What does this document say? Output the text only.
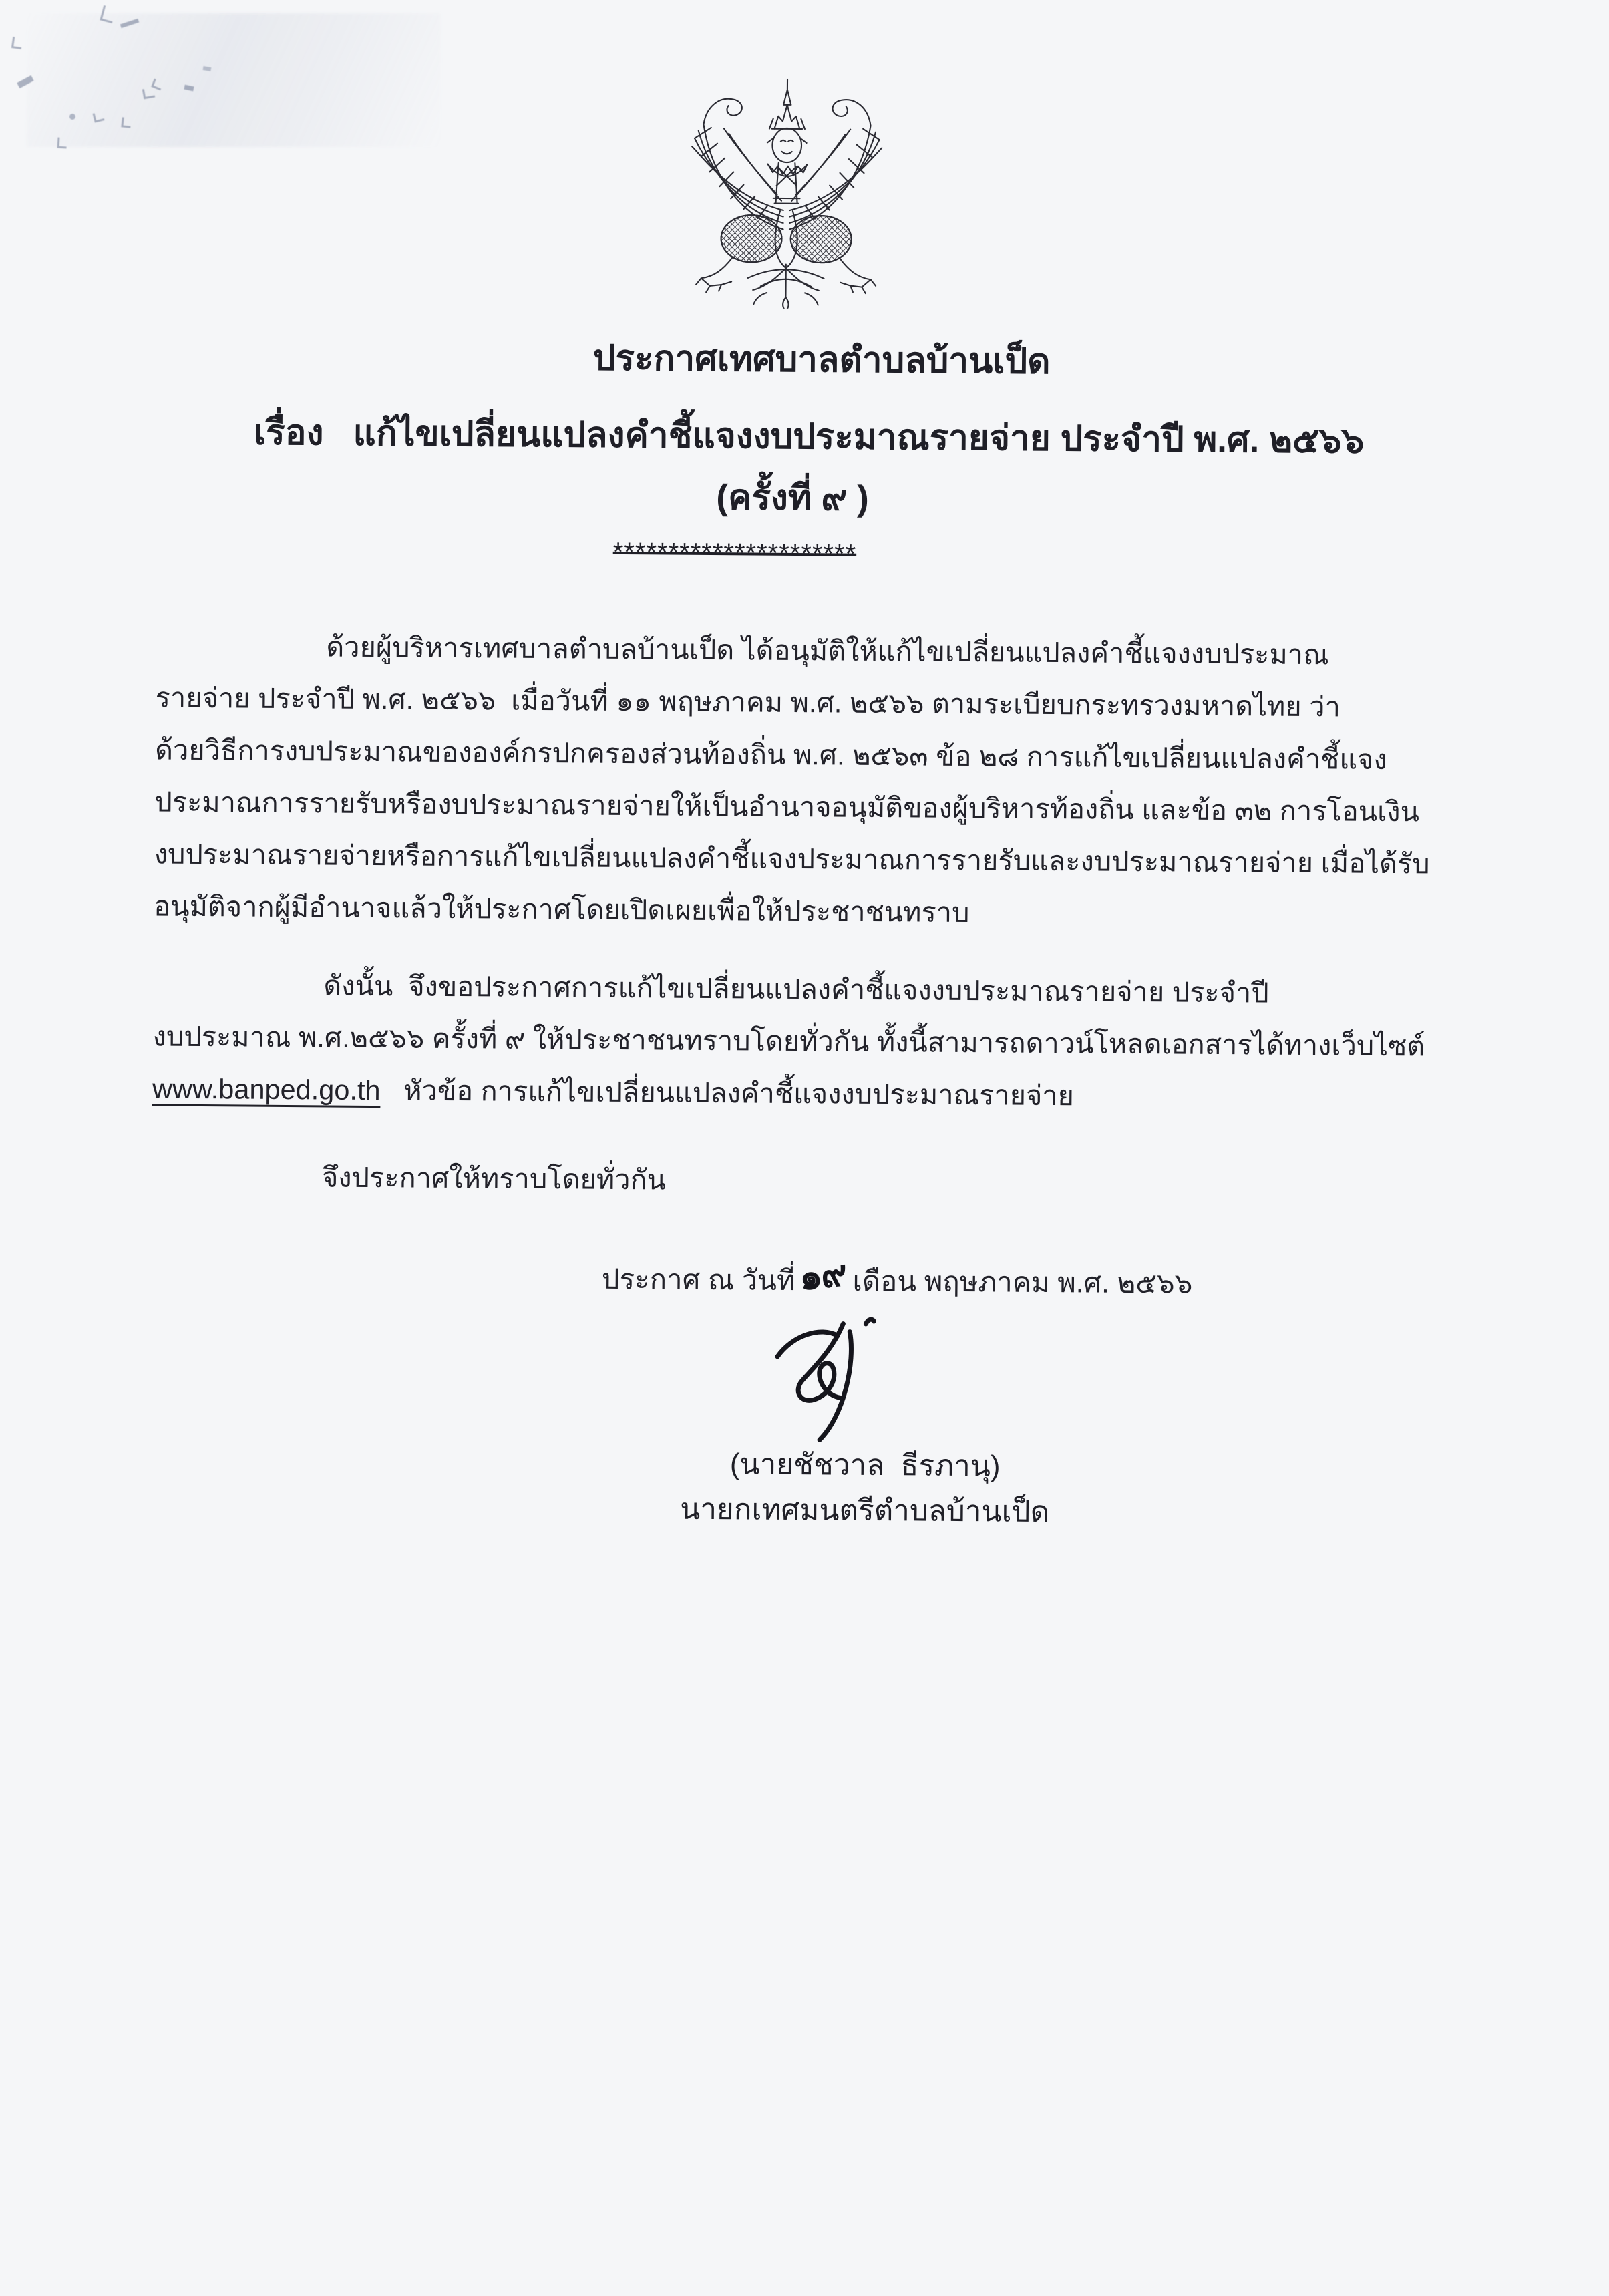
ประกาศเทศบาลตำบลบ้านเป็ด
เรื่อง   แก้ไขเปลี่ยนแปลงคำชี้แจงงบประมาณรายจ่าย ประจำปี พ.ศ. ๒๕๖๖
(ครั้งที่ ๙ )
**********************
ด้วยผู้บริหารเทศบาลตำบลบ้านเป็ด ได้อนุมัติให้แก้ไขเปลี่ยนแปลงคำชี้แจงงบประมาณ
รายจ่าย ประจำปี พ.ศ. ๒๕๖๖  เมื่อวันที่ ๑๑ พฤษภาคม พ.ศ. ๒๕๖๖ ตามระเบียบกระทรวงมหาดไทย ว่า
ด้วยวิธีการงบประมาณขององค์กรปกครองส่วนท้องถิ่น พ.ศ. ๒๕๖๓ ข้อ ๒๘ การแก้ไขเปลี่ยนแปลงคำชี้แจง
ประมาณการรายรับหรืองบประมาณรายจ่ายให้เป็นอำนาจอนุมัติของผู้บริหารท้องถิ่น และข้อ ๓๒ การโอนเงิน
งบประมาณรายจ่ายหรือการแก้ไขเปลี่ยนแปลงคำชี้แจงประมาณการรายรับและงบประมาณรายจ่าย เมื่อได้รับ
อนุมัติจากผู้มีอำนาจแล้วให้ประกาศโดยเปิดเผยเพื่อให้ประชาชนทราบ
ดังนั้น  จึงขอประกาศการแก้ไขเปลี่ยนแปลงคำชี้แจงงบประมาณรายจ่าย ประจำปี
งบประมาณ พ.ศ.๒๕๖๖ ครั้งที่ ๙ ให้ประชาชนทราบโดยทั่วกัน ทั้งนี้สามารถดาวน์โหลดเอกสารได้ทางเว็บไซต์
www.banped.go.th   หัวข้อ การแก้ไขเปลี่ยนแปลงคำชี้แจงงบประมาณรายจ่าย
จึงประกาศให้ทราบโดยทั่วกัน
ประกาศ ณ วันที่๑๙ เดือน พฤษภาคม พ.ศ. ๒๕๖๖
(นายชัชวาล  ธีรภานุ)
นายกเทศมนตรีตำบลบ้านเป็ด
